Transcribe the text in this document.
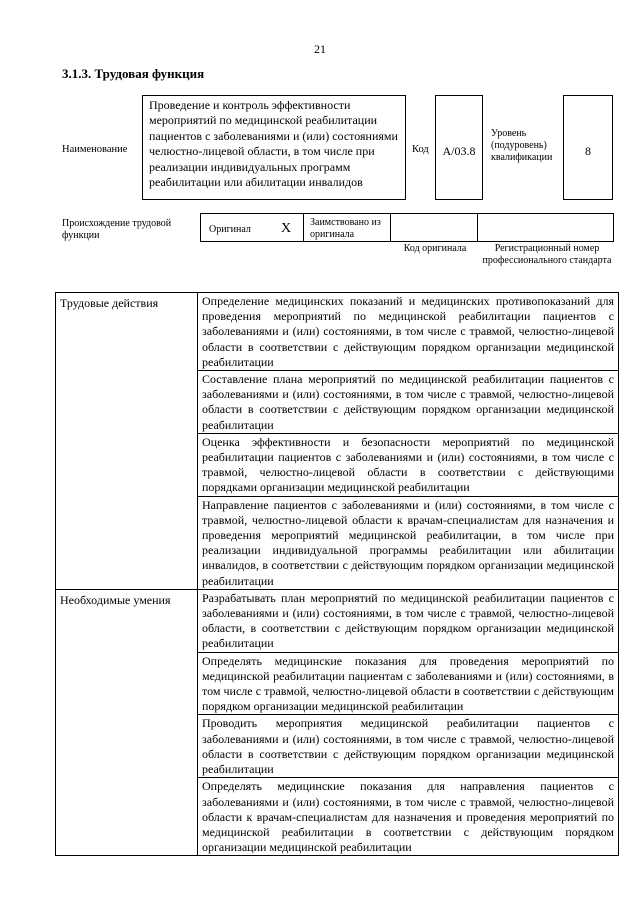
21
3.1.3. Трудовая функция
Наименование
Проведение и контроль эффективности мероприятий по медицинской реабилитации пациентов с заболеваниями и (или) состояниями челюстно-лицевой области, в том числе при реализации индивидуальных программ реабилитации или абилитации инвалидов
Код	A/03.8
Уровень (подуровень) квалификации	8
Происхождение трудовой функции
Оригинал X	Заимствовано из оригинала
Код оригинала	Регистрационный номер профессионального стандарта
Трудовые действия	Определение медицинских показаний и медицинских противопоказаний для проведения мероприятий по медицинской реабилитации пациентов с заболеваниями и (или) состояниями, в том числе с травмой, челюстно-лицевой области в соответствии с действующим порядком организации медицинской реабилитации
	Составление плана мероприятий по медицинской реабилитации пациентов с заболеваниями и (или) состояниями, в том числе с травмой, челюстно-лицевой области в соответствии с действующим порядком организации медицинской реабилитации
	Оценка эффективности и безопасности мероприятий по медицинской реабилитации пациентов с заболеваниями и (или) состояниями, в том числе с травмой, челюстно-лицевой области в соответствии с действующими порядками организации медицинской реабилитации
	Направление пациентов с заболеваниями и (или) состояниями, в том числе с травмой, челюстно-лицевой области к врачам-специалистам для назначения и проведения мероприятий медицинской реабилитации, в том числе при реализации индивидуальной программы реабилитации или абилитации инвалидов, в соответствии с действующим порядком организации медицинской реабилитации
Необходимые умения	Разрабатывать план мероприятий по медицинской реабилитации пациентов с заболеваниями и (или) состояниями, в том числе с травмой, челюстно-лицевой области, в соответствии с действующим порядком организации медицинской реабилитации
	Определять медицинские показания для проведения мероприятий по медицинской реабилитации пациентам с заболеваниями и (или) состояниями, в том числе с травмой, челюстно-лицевой области в соответствии с действующим порядком организации медицинской реабилитации
	Проводить мероприятия медицинской реабилитации пациентов с заболеваниями и (или) состояниями, в том числе с травмой, челюстно-лицевой области в соответствии с действующим порядком организации медицинской реабилитации
	Определять медицинские показания для направления пациентов с заболеваниями и (или) состояниями, в том числе с травмой, челюстно-лицевой области к врачам-специалистам для назначения и проведения мероприятий по медицинской реабилитации в соответствии с действующим порядком организации медицинской реабилитации
